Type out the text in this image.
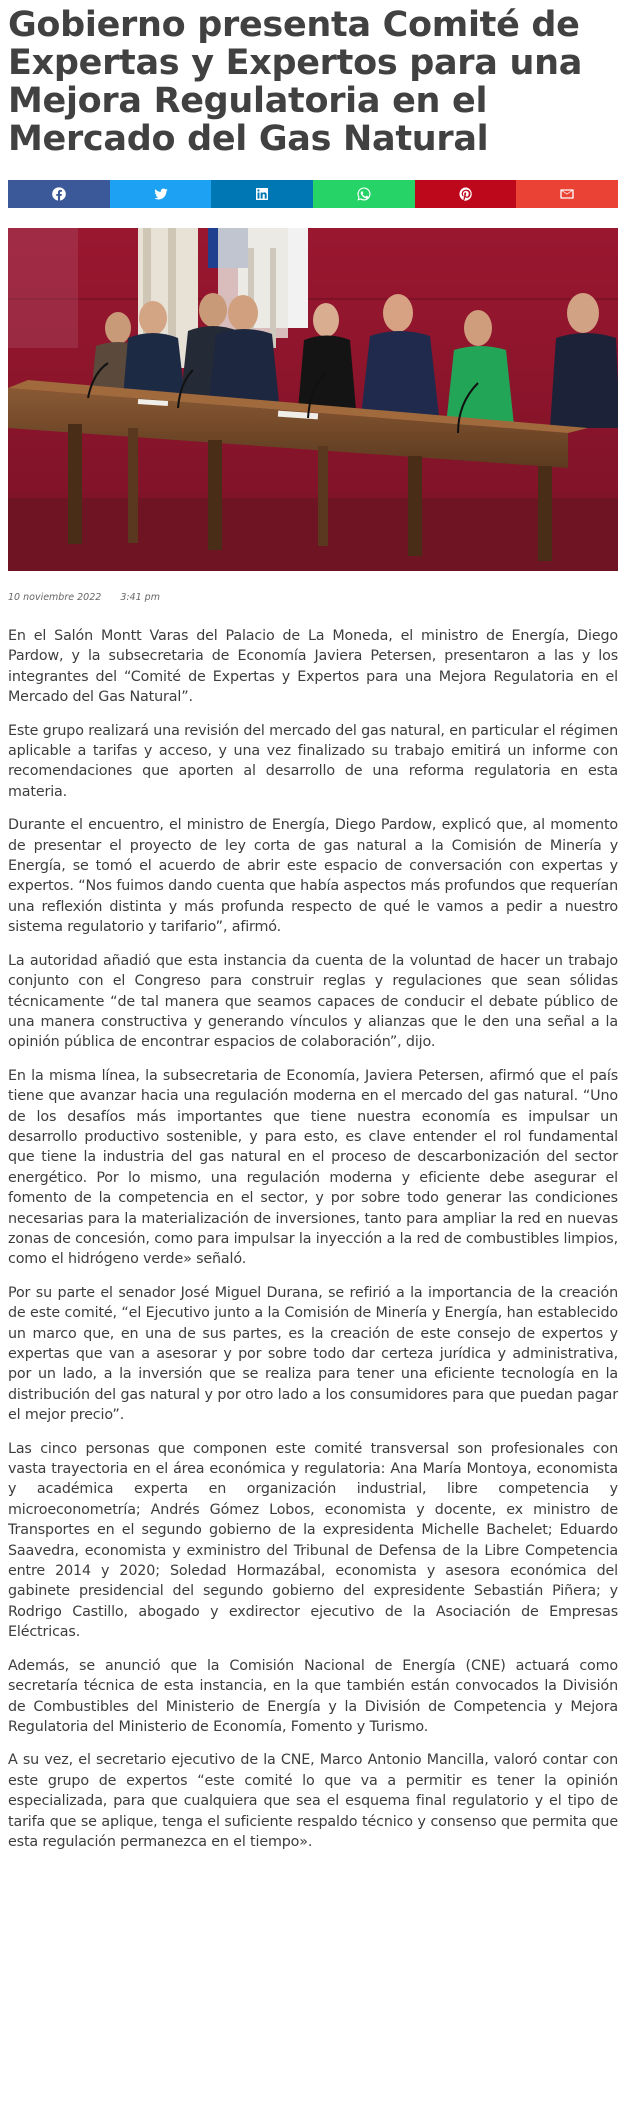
Gobierno presenta Comité de Expertas y Expertos para una Mejora Regulatoria en el Mercado del Gas Natural
10 noviembre 2022 3:41 pm

En el Salón Montt Varas del Palacio de La Moneda, el ministro de Energía, Diego Pardow, y la subsecretaria de Economía Javiera Petersen, presentaron a las y los integrantes del “Comité de Expertas y Expertos para una Mejora Regulatoria en el Mercado del Gas Natural”.

Este grupo realizará una revisión del mercado del gas natural, en particular el régimen aplicable a tarifas y acceso, y una vez finalizado su trabajo emitirá un informe con recomendaciones que aporten al desarrollo de una reforma regulatoria en esta materia.

Durante el encuentro, el ministro de Energía, Diego Pardow, explicó que, al momento de presentar el proyecto de ley corta de gas natural a la Comisión de Minería y Energía, se tomó el acuerdo de abrir este espacio de conversación con expertas y expertos. “Nos fuimos dando cuenta que había aspectos más profundos que requerían una reflexión distinta y más profunda respecto de qué le vamos a pedir a nuestro sistema regulatorio y tarifario”, afirmó.

La autoridad añadió que esta instancia da cuenta de la voluntad de hacer un trabajo conjunto con el Congreso para construir reglas y regulaciones que sean sólidas técnicamente “de tal manera que seamos capaces de conducir el debate público de una manera constructiva y generando vínculos y alianzas que le den una señal a la opinión pública de encontrar espacios de colaboración”, dijo.

En la misma línea, la subsecretaria de Economía, Javiera Petersen, afirmó que el país tiene que avanzar hacia una regulación moderna en el mercado del gas natural. “Uno de los desafíos más importantes que tiene nuestra economía es impulsar un desarrollo productivo sostenible, y para esto, es clave entender el rol fundamental que tiene la industria del gas natural en el proceso de descarbonización del sector energético. Por lo mismo, una regulación moderna y eficiente debe asegurar el fomento de la competencia en el sector, y por sobre todo generar las condiciones necesarias para la materialización de inversiones, tanto para ampliar la red en nuevas zonas de concesión, como para impulsar la inyección a la red de combustibles limpios, como el hidrógeno verde» señaló.

Por su parte el senador José Miguel Durana, se refirió a la importancia de la creación de este comité, “el Ejecutivo junto a la Comisión de Minería y Energía, han establecido un marco que, en una de sus partes, es la creación de este consejo de expertos y expertas que van a asesorar y por sobre todo dar certeza jurídica y administrativa, por un lado, a la inversión que se realiza para tener una eficiente tecnología en la distribución del gas natural y por otro lado a los consumidores para que puedan pagar el mejor precio”.

Las cinco personas que componen este comité transversal son profesionales con vasta trayectoria en el área económica y regulatoria: Ana María Montoya, economista y académica experta en organización industrial, libre competencia y microeconometría; Andrés Gómez Lobos, economista y docente, ex ministro de Transportes en el segundo gobierno de la expresidenta Michelle Bachelet; Eduardo Saavedra, economista y exministro del Tribunal de Defensa de la Libre Competencia entre 2014 y 2020; Soledad Hormazábal, economista y asesora económica del gabinete presidencial del segundo gobierno del expresidente Sebastián Piñera; y Rodrigo Castillo, abogado y exdirector ejecutivo de la Asociación de Empresas Eléctricas.

Además, se anunció que la Comisión Nacional de Energía (CNE) actuará como secretaría técnica de esta instancia, en la que también están convocados la División de Combustibles del Ministerio de Energía y la División de Competencia y Mejora Regulatoria del Ministerio de Economía, Fomento y Turismo.

A su vez, el secretario ejecutivo de la CNE, Marco Antonio Mancilla, valoró contar con este grupo de expertos “este comité lo que va a permitir es tener la opinión especializada, para que cualquiera que sea el esquema final regulatorio y el tipo de tarifa que se aplique, tenga el suficiente respaldo técnico y consenso que permita que esta regulación permanezca en el tiempo».
